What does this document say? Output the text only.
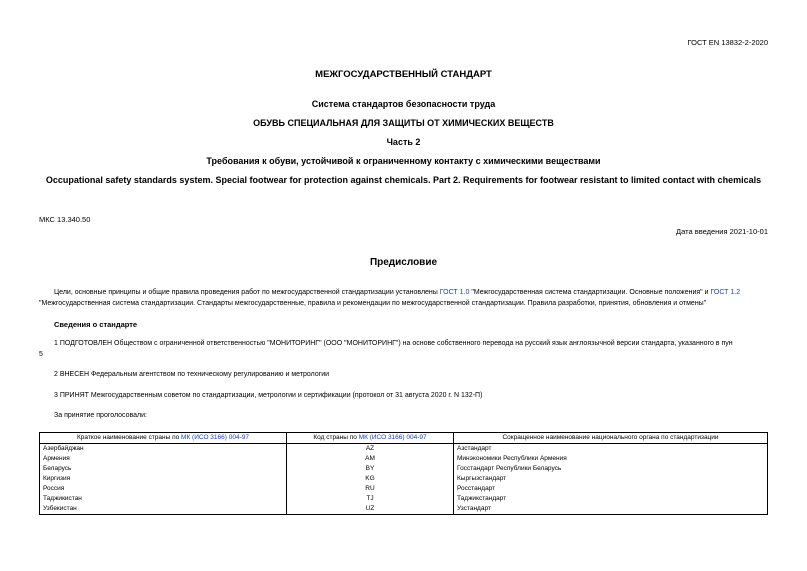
ГОСТ EN 13832-2-2020
МЕЖГОСУДАРСТВЕННЫЙ СТАНДАРТ
Система стандартов безопасности труда
ОБУВЬ СПЕЦИАЛЬНАЯ ДЛЯ ЗАЩИТЫ ОТ ХИМИЧЕСКИХ ВЕЩЕСТВ
Часть 2
Требования к обуви, устойчивой к ограниченному контакту с химическими веществами
Occupational safety standards system. Special footwear for protection against chemicals. Part 2. Requirements for footwear resistant to limited contact with chemicals
МКС 13.340.50
Дата введения 2021-10-01
Предисловие
Цели, основные принципы и общие правила проведения работ по межгосударственной стандартизации установлены ГОСТ 1.0 "Межгосударственная система стандартизации. Основные положения" и ГОСТ 1.2
"Межгосударственная система стандартизации. Стандарты межгосударственные, правила и рекомендации по межгосударственной стандартизации. Правила разработки, принятия, обновления и отмены"
Сведения о стандарте
1 ПОДГОТОВЛЕН Обществом с ограниченной ответственностью "МОНИТОРИНГ" (ООО "МОНИТОРИНГ") на основе собственного перевода на русский язык англоязычной версии стандарта, указанного в пун
5
2 ВНЕСЕН Федеральным агентством по техническому регулированию и метрологии
3 ПРИНЯТ Межгосударственным советом по стандартизации, метрологии и сертификации (протокол от 31 августа 2020 г. N 132-П)
За принятие проголосовали:
Краткое наименование страны по МК (ИСО 3166) 004-97	Код страны по МК (ИСО 3166) 004-97	Сокращенное наименование национального органа по стандартизации
Азербайджан	AZ	Азстандарт
Армения	AM	Минэкономики Республики Армения
Беларусь	BY	Госстандарт Республики Беларусь
Киргизия	KG	Кыргызстандарт
Россия	RU	Росстандарт
Таджикистан	TJ	Таджикстандарт
Узбекистан	UZ	Узстандарт
